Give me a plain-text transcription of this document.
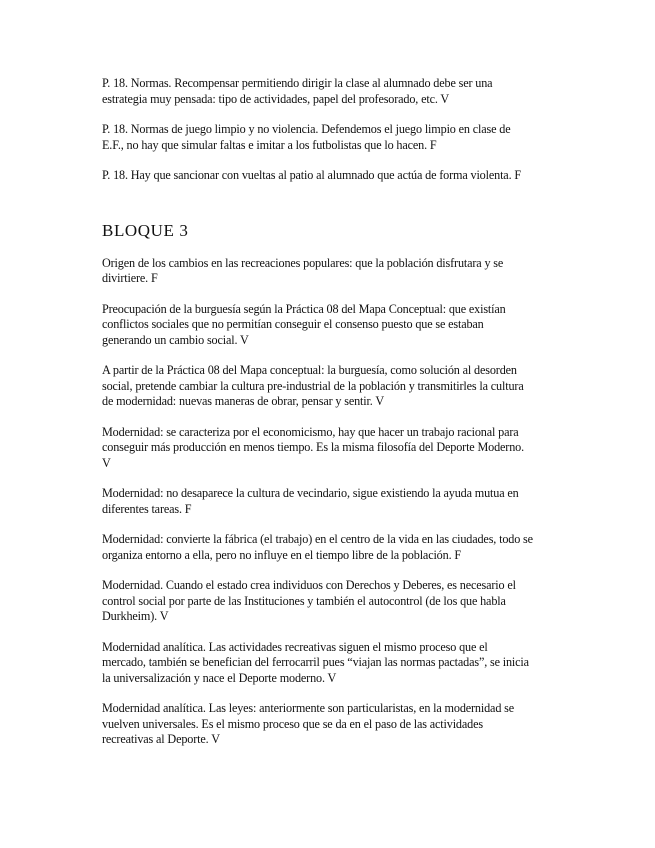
P. 18. Normas. Recompensar permitiendo dirigir la clase al alumnado debe ser una estrategia muy pensada: tipo de actividades, papel del profesorado, etc. V

P. 18. Normas de juego limpio y no violencia. Defendemos el juego limpio en clase de E.F., no hay que simular faltas e imitar a los futbolistas que lo hacen. F

P. 18. Hay que sancionar con vueltas al patio al alumnado que actúa de forma violenta. F

BLOQUE 3

Origen de los cambios en las recreaciones populares: que la población disfrutara y se divirtiere. F

Preocupación de la burguesía según la Práctica 08 del Mapa Conceptual: que existían conflictos sociales que no permitían conseguir el consenso puesto que se estaban generando un cambio social. V

A partir de la Práctica 08 del Mapa conceptual: la burguesía, como solución al desorden social, pretende cambiar la cultura pre-industrial de la población y transmitirles la cultura de modernidad: nuevas maneras de obrar, pensar y sentir. V

Modernidad: se caracteriza por el economicismo, hay que hacer un trabajo racional para conseguir más producción en menos tiempo. Es la misma filosofía del Deporte Moderno. V

Modernidad: no desaparece la cultura de vecindario, sigue existiendo la ayuda mutua en diferentes tareas. F

Modernidad: convierte la fábrica (el trabajo) en el centro de la vida en las ciudades, todo se organiza entorno a ella, pero no influye en el tiempo libre de la población. F

Modernidad. Cuando el estado crea individuos con Derechos y Deberes, es necesario el control social por parte de las Instituciones y también el autocontrol (de los que habla Durkheim). V

Modernidad analítica. Las actividades recreativas siguen el mismo proceso que el mercado, también se benefician del ferrocarril pues “viajan las normas pactadas”, se inicia la universalización y nace el Deporte moderno. V

Modernidad analítica. Las leyes: anteriormente son particularistas, en la modernidad se vuelven universales. Es el mismo proceso que se da en el paso de las actividades recreativas al Deporte. V
